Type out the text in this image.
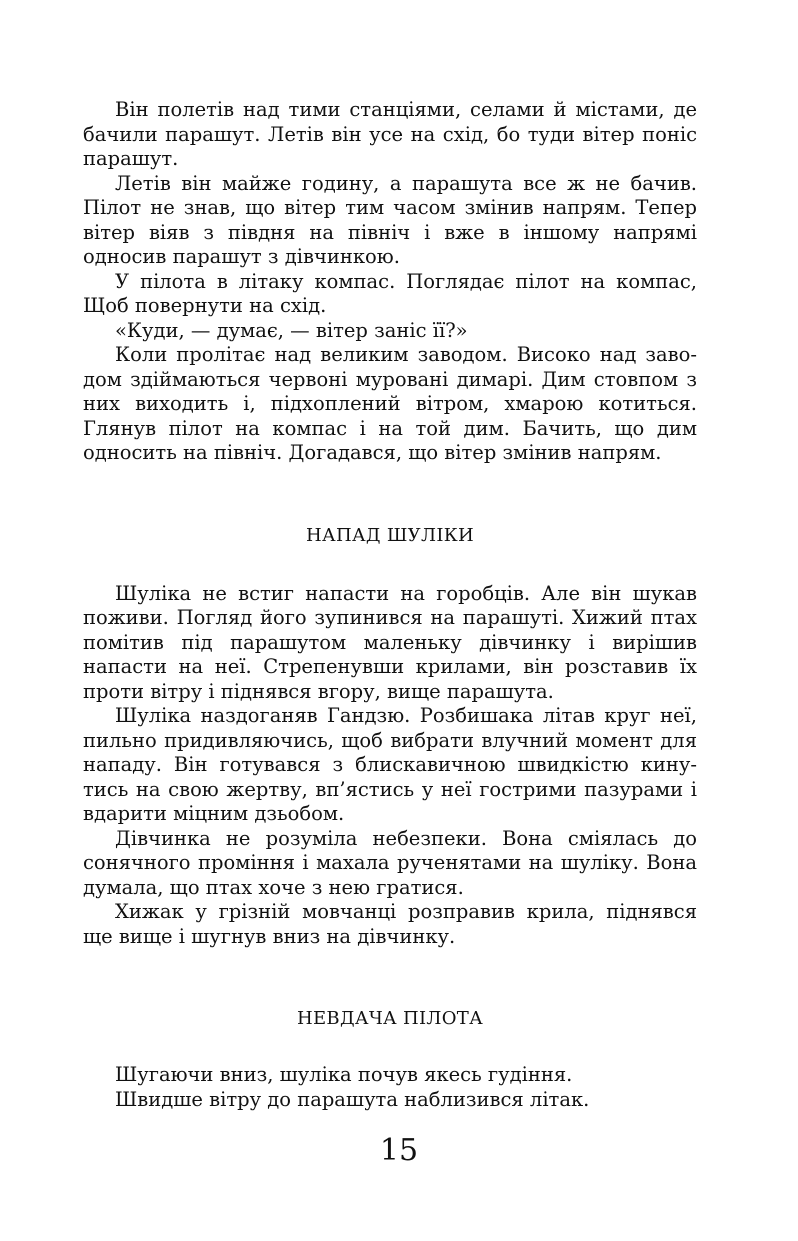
Він полетів над тими станціями, селами й містами, де бачили парашут. Летів він усе на схід, бо туди вітер поніс парашут.

Летів він майже годину, а парашута все ж не бачив. Пілот не знав, що вітер тим часом змінив напрям. Тепер вітер віяв з півдня на північ і вже в іншому напрямі односив парашут з дівчинкою.

У пілота в літаку компас. Поглядає пілот на компас, Щоб повернути на схід.

«Куди, — думає, — вітер заніс її?»

Коли пролітає над великим заводом. Високо над заводом здіймаються червоні муровані димарі. Дим стовпом з них виходить і, підхоплений вітром, хмарою котиться. Глянув пілот на компас і на той дим. Бачить, що дим односить на північ. Догадався, що вітер змінив напрям.

НАПАД ШУЛІКИ

Шуліка не встиг напасти на горобців. Але він шукав поживи. Погляд його зупинився на парашуті. Хижий птах помітив під парашутом маленьку дівчинку і вирішив напасти на неї. Стрепенувши крилами, він розставив їх проти вітру і піднявся вгору, вище парашута.

Шуліка наздоганяв Гандзю. Розбишака літав круг неї, пильно придивляючись, щоб вибрати влучний момент для нападу. Він готувався з блискавичною швидкістю кинутись на свою жертву, вп’ястись у неї гострими пазурами і вдарити міцним дзьобом.

Дівчинка не розуміла небезпеки. Вона сміялась до сонячного проміння і махала рученятами на шуліку. Вона думала, що птах хоче з нею гратися.

Хижак у грізній мовчанці розправив крила, піднявся ще вище і шугнув вниз на дівчинку.

НЕВДАЧА ПІЛОТА

Шугаючи вниз, шуліка почув якесь гудіння.

Швидше вітру до парашута наблизився літак.

15
